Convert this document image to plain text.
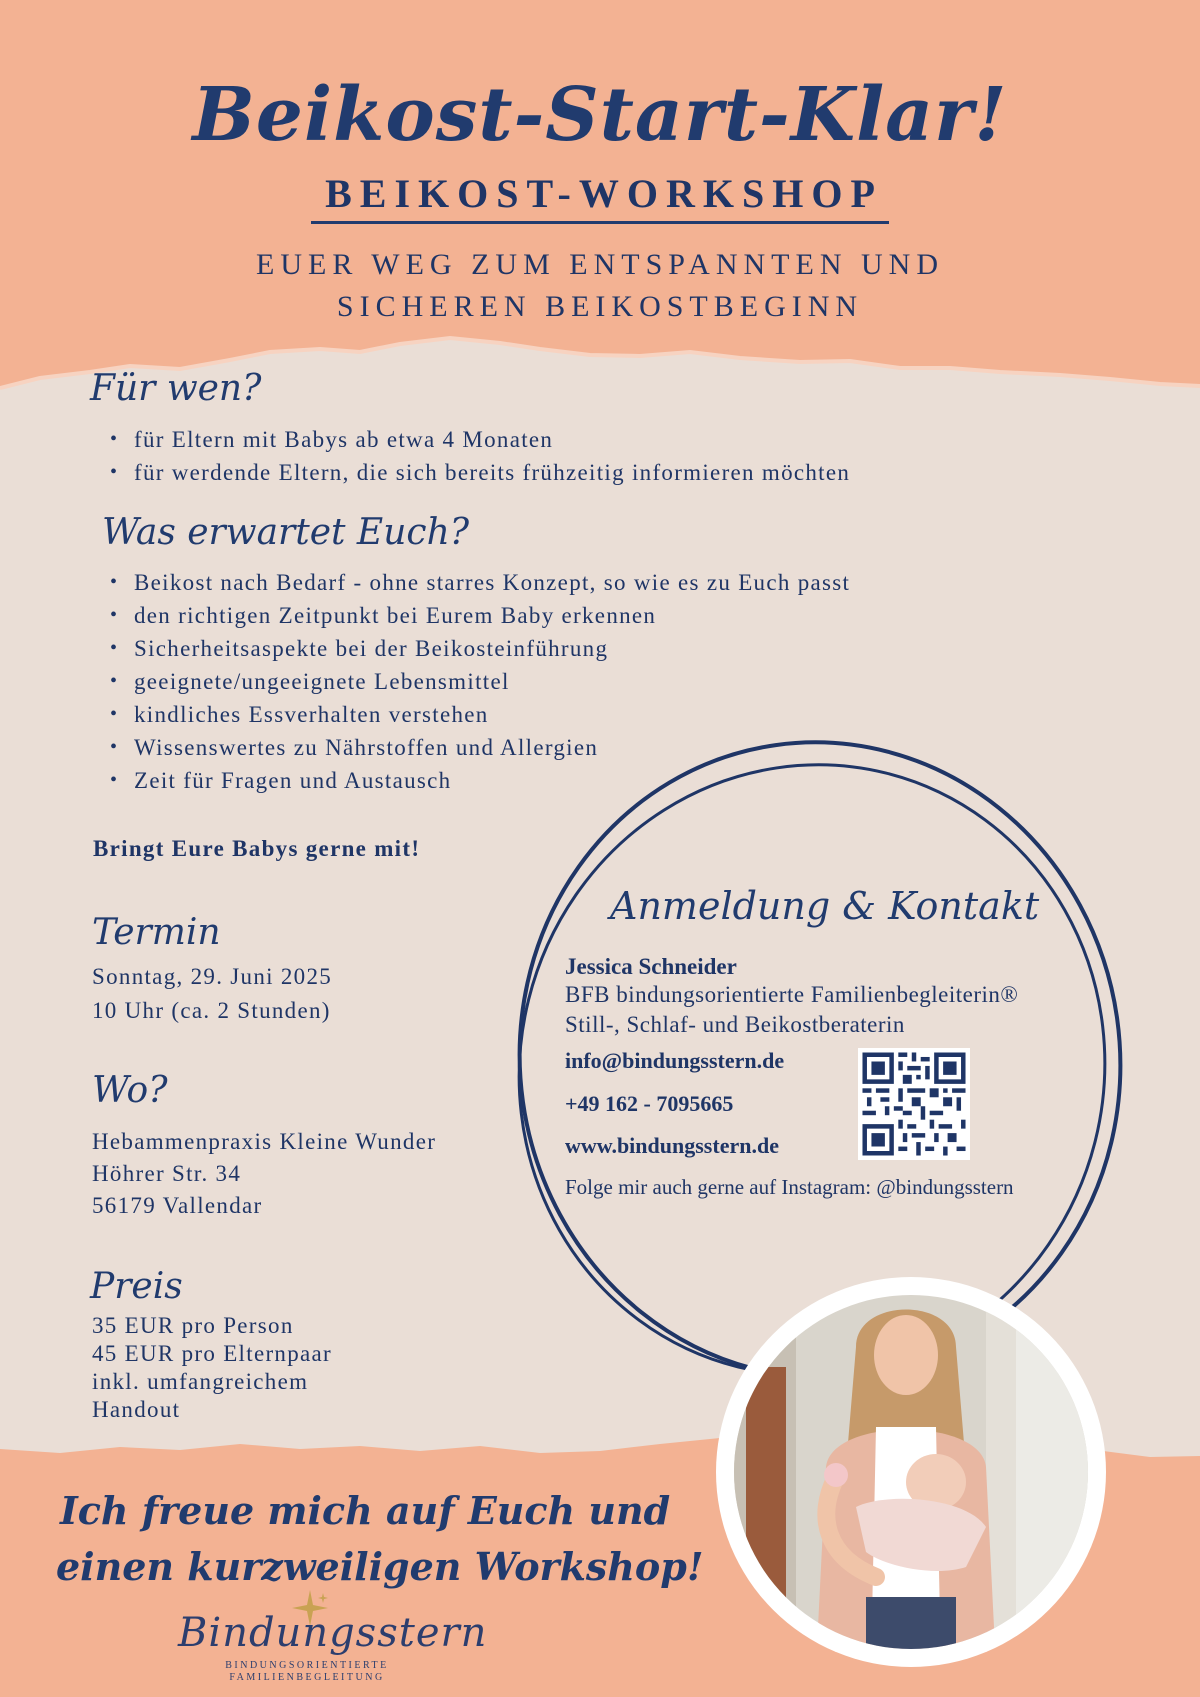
Beikost-Start-Klar!
BEIKOST-WORKSHOP
EUER WEG ZUM ENTSPANNTEN UND
SICHEREN BEIKOSTBEGINN
Für wen?
• für Eltern mit Babys ab etwa 4 Monaten
• für werdende Eltern, die sich bereits frühzeitig informieren möchten
Was erwartet Euch?
• Beikost nach Bedarf - ohne starres Konzept, so wie es zu Euch passt
• den richtigen Zeitpunkt bei Eurem Baby erkennen
• Sicherheitsaspekte bei der Beikosteinführung
• geeignete/ungeeignete Lebensmittel
• kindliches Essverhalten verstehen
• Wissenswertes zu Nährstoffen und Allergien
• Zeit für Fragen und Austausch
Bringt Eure Babys gerne mit!
Termin
Sonntag, 29. Juni 2025
10 Uhr (ca. 2 Stunden)
Wo?
Hebammenpraxis Kleine Wunder
Höhrer Str. 34
56179 Vallendar
Preis
35 EUR pro Person
45 EUR pro Elternpaar
inkl. umfangreichem
Handout
Anmeldung & Kontakt
Jessica Schneider
BFB bindungsorientierte Familienbegleiterin®
Still-, Schlaf- und Beikostberaterin
info@bindungsstern.de
+49 162 - 7095665
www.bindungsstern.de
Folge mir auch gerne auf Instagram: @bindungsstern
Ich freue mich auf Euch und
einen kurzweiligen Workshop!
Bindungsstern
BINDUNGSORIENTIERTE
FAMILIENBEGLEITUNG
